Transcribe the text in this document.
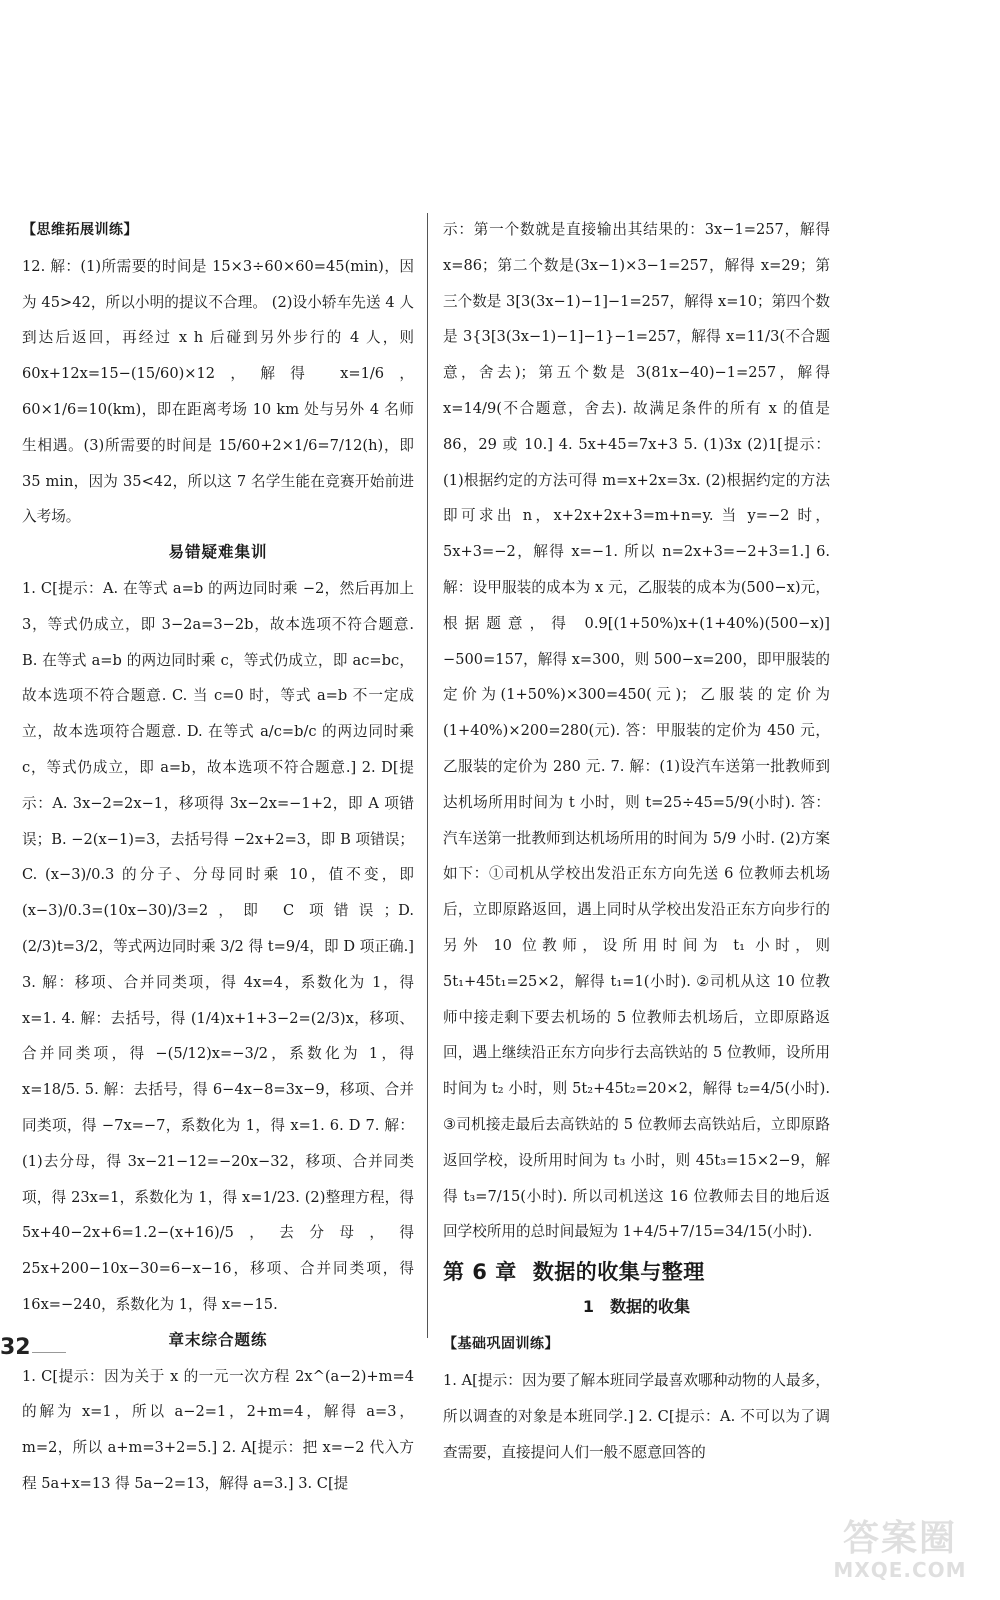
【思维拓展训练】

12. 解：(1)所需要的时间是 15×3÷60×60=45(min)，因为 45>42，所以小明的提议不合理。 (2)设小轿车先送 4 人到达后返回，再经过 x h 后碰到另外步行的 4 人，则 60x+12x=15−(15/60)×12，解得 x=1/6，60×1/6=10(km)，即在距离考场 10 km 处与另外 4 名师生相遇。(3)所需要的时间是 15/60+2×1/6=7/12(h)，即 35 min，因为 35<42，所以这 7 名学生能在竞赛开始前进入考场。

易错疑难集训

1. C[提示：A. 在等式 a=b 的两边同时乘 −2，然后再加上 3，等式仍成立，即 3−2a=3−2b，故本选项不符合题意. B. 在等式 a=b 的两边同时乘 c，等式仍成立，即 ac=bc，故本选项不符合题意. C. 当 c=0 时，等式 a=b 不一定成立，故本选项符合题意. D. 在等式 a/c=b/c 的两边同时乘 c，等式仍成立，即 a=b，故本选项不符合题意.] 2. D[提示：A. 3x−2=2x−1，移项得 3x−2x=−1+2，即 A 项错误；B. −2(x−1)=3，去括号得 −2x+2=3，即 B 项错误；C. (x−3)/0.3 的分子、分母同时乘 10，值不变，即 (x−3)/0.3=(10x−30)/3=2，即 C 项错误；D. (2/3)t=3/2，等式两边同时乘 3/2 得 t=9/4，即 D 项正确.] 3. 解：移项、合并同类项，得 4x=4，系数化为 1，得 x=1. 4. 解：去括号，得 (1/4)x+1+3−2=(2/3)x，移项、合并同类项，得 −(5/12)x=−3/2，系数化为 1，得 x=18/5. 5. 解：去括号，得 6−4x−8=3x−9，移项、合并同类项，得 −7x=−7，系数化为 1，得 x=1. 6. D 7. 解：(1)去分母，得 3x−21−12=−20x−32，移项、合并同类项，得 23x=1，系数化为 1，得 x=1/23. (2)整理方程，得 5x+40−2x+6=1.2−(x+16)/5，去分母，得 25x+200−10x−30=6−x−16，移项、合并同类项，得 16x=−240，系数化为 1，得 x=−15.

章末综合题练

1. C[提示：因为关于 x 的一元一次方程 2x^(a−2)+m=4 的解为 x=1，所以 a−2=1，2+m=4，解得 a=3，m=2，所以 a+m=3+2=5.] 2. A[提示：把 x=−2 代入方程 5a+x=13 得 5a−2=13，解得 a=3.] 3. C[提

示：第一个数就是直接输出其结果的：3x−1=257，解得 x=86；第二个数是(3x−1)×3−1=257，解得 x=29；第三个数是 3[3(3x−1)−1]−1=257，解得 x=10；第四个数是 3{3[3(3x−1)−1]−1}−1=257，解得 x=11/3(不合题意，舍去)；第五个数是 3(81x−40)−1=257，解得 x=14/9(不合题意，舍去). 故满足条件的所有 x 的值是 86，29 或 10.] 4. 5x+45=7x+3 5. (1)3x (2)1[提示：(1)根据约定的方法可得 m=x+2x=3x. (2)根据约定的方法即可求出 n，x+2x+2x+3=m+n=y. 当 y=−2 时，5x+3=−2，解得 x=−1. 所以 n=2x+3=−2+3=1.] 6. 解：设甲服装的成本为 x 元，乙服装的成本为(500−x)元，根据题意，得 0.9[(1+50%)x+(1+40%)(500−x)]−500=157，解得 x=300，则 500−x=200，即甲服装的定价为(1+50%)×300=450(元)；乙服装的定价为(1+40%)×200=280(元). 答：甲服装的定价为 450 元，乙服装的定价为 280 元. 7. 解：(1)设汽车送第一批教师到达机场所用时间为 t 小时，则 t=25÷45=5/9(小时). 答：汽车送第一批教师到达机场所用的时间为 5/9 小时. (2)方案如下：①司机从学校出发沿正东方向先送 6 位教师去机场后，立即原路返回，遇上同时从学校出发沿正东方向步行的另外 10 位教师，设所用时间为 t₁ 小时，则 5t₁+45t₁=25×2，解得 t₁=1(小时). ②司机从这 10 位教师中接走剩下要去机场的 5 位教师去机场后，立即原路返回，遇上继续沿正东方向步行去高铁站的 5 位教师，设所用时间为 t₂ 小时，则 5t₂+45t₂=20×2，解得 t₂=4/5(小时). ③司机接走最后去高铁站的 5 位教师去高铁站后，立即原路返回学校，设所用时间为 t₃ 小时，则 45t₃=15×2−9，解得 t₃=7/15(小时). 所以司机送这 16 位教师去目的地后返回学校所用的总时间最短为 1+4/5+7/15=34/15(小时).

第 6 章 数据的收集与整理

1　数据的收集

【基础巩固训练】

1. A[提示：因为要了解本班同学最喜欢哪种动物的人最多，所以调查的对象是本班同学.] 2. C[提示：A. 不可以为了调查需要，直接提问人们一般不愿意回答的

32
答案圈
MXQE.COM
